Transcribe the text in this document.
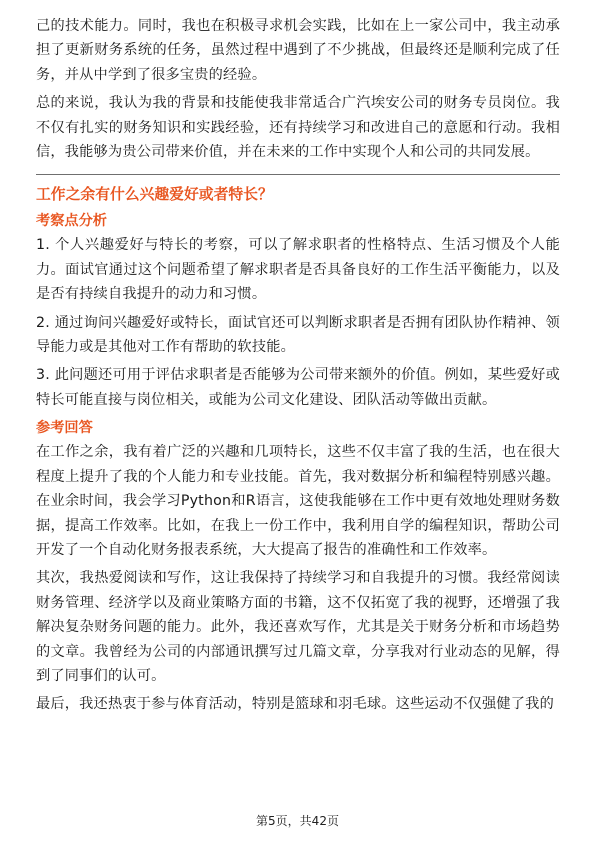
己的技术能力。同时，我也在积极寻求机会实践，比如在上一家公司中，我主动承担了更新财务系统的任务，虽然过程中遇到了不少挑战，但最终还是顺利完成了任务，并从中学到了很多宝贵的经验。

总的来说，我认为我的背景和技能使我非常适合广汽埃安公司的财务专员岗位。我不仅有扎实的财务知识和实践经验，还有持续学习和改进自己的意愿和行动。我相信，我能够为贵公司带来价值，并在未来的工作中实现个人和公司的共同发展。

工作之余有什么兴趣爱好或者特长？
考察点分析

1. 个人兴趣爱好与特长的考察，可以了解求职者的性格特点、生活习惯及个人能力。面试官通过这个问题希望了解求职者是否具备良好的工作生活平衡能力，以及是否有持续自我提升的动力和习惯。

2. 通过询问兴趣爱好或特长，面试官还可以判断求职者是否拥有团队协作精神、领导能力或是其他对工作有帮助的软技能。

3. 此问题还可用于评估求职者是否能够为公司带来额外的价值。例如，某些爱好或特长可能直接与岗位相关，或能为公司文化建设、团队活动等做出贡献。

参考回答

在工作之余，我有着广泛的兴趣和几项特长，这些不仅丰富了我的生活，也在很大程度上提升了我的个人能力和专业技能。首先，我对数据分析和编程特别感兴趣。在业余时间，我会学习Python和R语言，这使我能够在工作中更有效地处理财务数据，提高工作效率。比如，在我上一份工作中，我利用自学的编程知识，帮助公司开发了一个自动化财务报表系统，大大提高了报告的准确性和工作效率。

其次，我热爱阅读和写作，这让我保持了持续学习和自我提升的习惯。我经常阅读财务管理、经济学以及商业策略方面的书籍，这不仅拓宽了我的视野，还增强了我解决复杂财务问题的能力。此外，我还喜欢写作，尤其是关于财务分析和市场趋势的文章。我曾经为公司的内部通讯撰写过几篇文章，分享我对行业动态的见解，得到了同事们的认可。

最后，我还热衷于参与体育活动，特别是篮球和羽毛球。这些运动不仅强健了我的

第5页，共42页
